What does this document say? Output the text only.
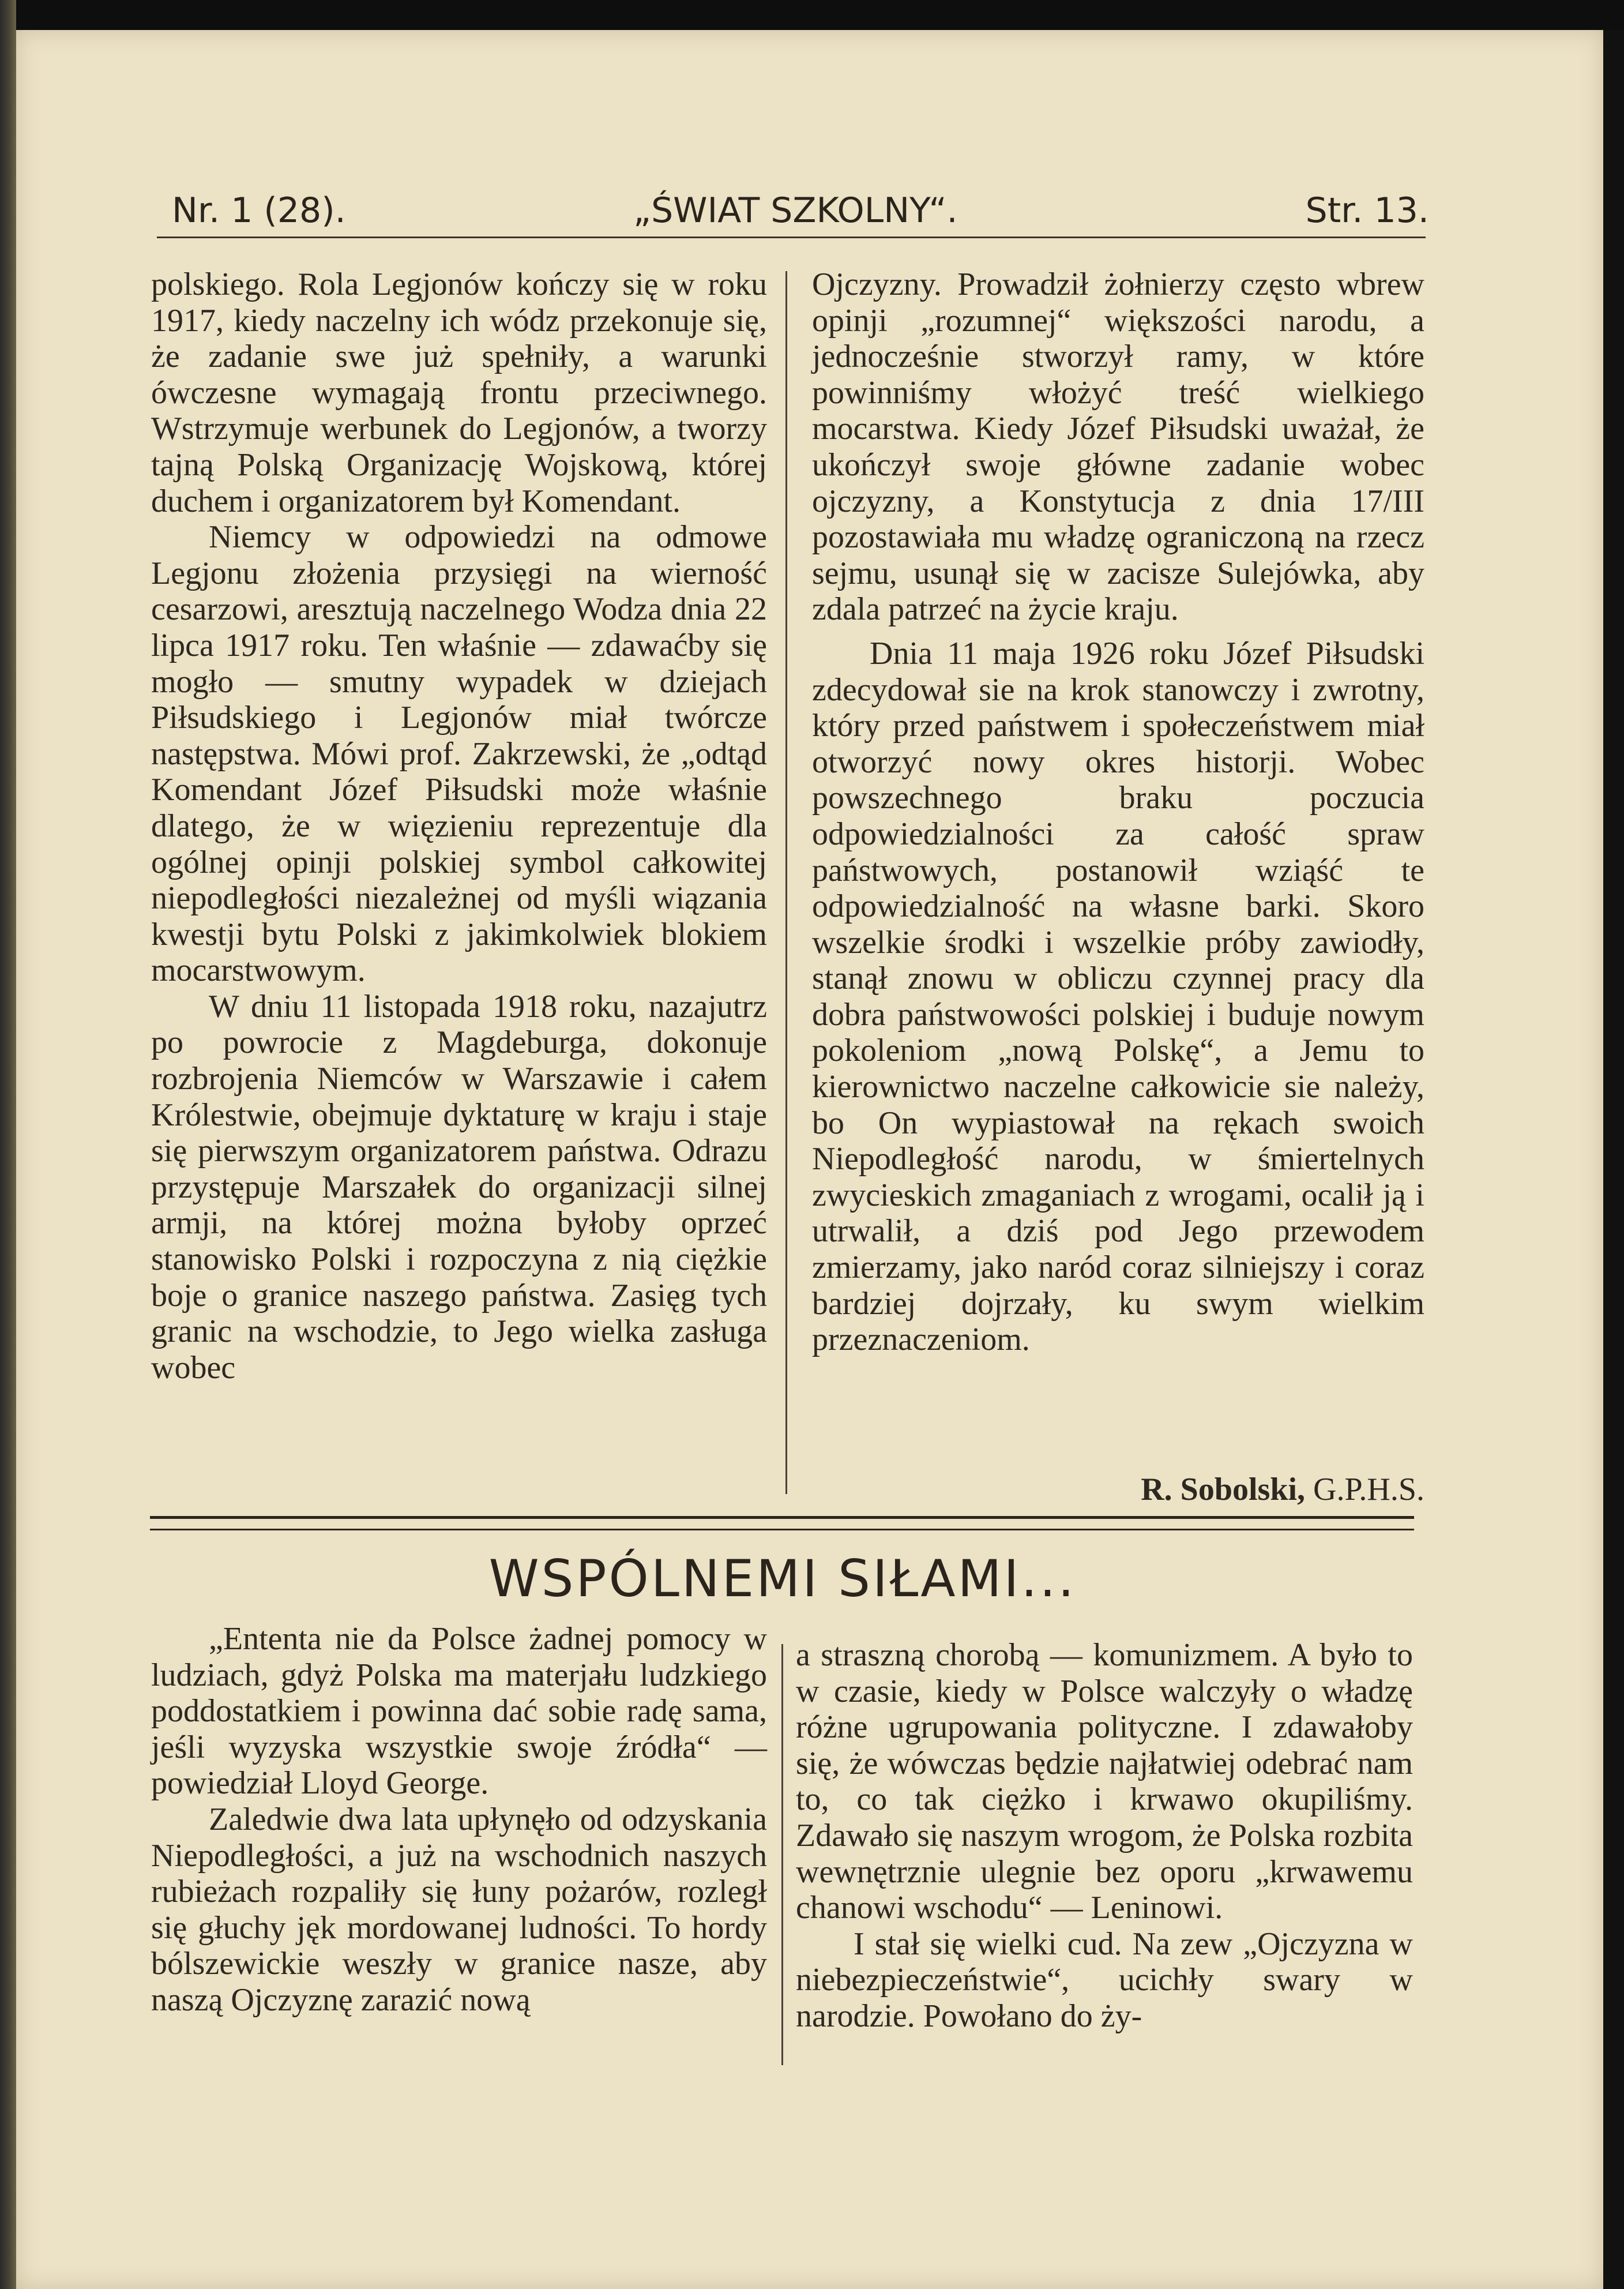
Nr. 1 (28).	„ŚWIAT SZKOLNY“.	Str. 13.

polskiego. Rola Legjonów kończy się w roku 1917, kiedy naczelny ich wódz przekonuje się, że zadanie swe już spełniły, a warunki ówczesne wymagają frontu przeciwnego. Wstrzymuje werbunek do Legjonów, a tworzy tajną Polską Organizację Wojskową, której duchem i organizatorem był Komendant.

Niemcy w odpowiedzi na odmowe Legjonu złożenia przysięgi na wierność cesarzowi, aresztują naczelnego Wodza dnia 22 lipca 1917 roku. Ten właśnie — zdawaćby się mogło — smutny wypadek w dziejach Piłsudskiego i Legjonów miał twórcze następstwa. Mówi prof. Zakrzewski, że „odtąd Komendant Józef Piłsudski może właśnie dlatego, że w więzieniu reprezentuje dla ogólnej opinji polskiej symbol całkowitej niepodległości niezależnej od myśli wiązania kwestji bytu Polski z jakimkolwiek blokiem mocarstwowym.

W dniu 11 listopada 1918 roku, nazajutrz po powrocie z Magdeburga, dokonuje rozbrojenia Niemców w Warszawie i całem Królestwie, obejmuje dyktaturę w kraju i staje się pierwszym organizatorem państwa. Odrazu przystępuje Marszałek do organizacji silnej armji, na której można byłoby oprzeć stanowisko Polski i rozpoczyna z nią ciężkie boje o granice naszego państwa. Zasięg tych granic na wschodzie, to Jego wielka zasługa wobec

Ojczyzny. Prowadził żołnierzy często wbrew opinji „rozumnej“ większości narodu, a jednocześnie stworzył ramy, w które powinniśmy włożyć treść wielkiego mocarstwa. Kiedy Józef Piłsudski uważał, że ukończył swoje główne zadanie wobec ojczyzny, a Konstytucja z dnia 17/III pozostawiała mu władzę ograniczoną na rzecz sejmu, usunął się w zacisze Sulejówka, aby zdala patrzeć na życie kraju.

Dnia 11 maja 1926 roku Józef Piłsudski zdecydował sie na krok stanowczy i zwrotny, który przed państwem i społeczeństwem miał otworzyć nowy okres historji. Wobec powszechnego braku poczucia odpowiedzialności za całość spraw państwowych, postanowił wziąść te odpowiedzialność na własne barki. Skoro wszelkie środki i wszelkie próby zawiodły, stanął znowu w obliczu czynnej pracy dla dobra państwowości polskiej i buduje nowym pokoleniom „nową Polskę“, a Jemu to kierownictwo naczelne całkowicie sie należy, bo On wypiastował na rękach swoich Niepodległość narodu, w śmiertelnych zwycieskich zmaganiach z wrogami, ocalił ją i utrwalił, a dziś pod Jego przewodem zmierzamy, jako naród coraz silniejszy i coraz bardziej dojrzały, ku swym wielkim przeznaczeniom.

R. Sobolski, G.P.H.S.
WSPÓLNEMI SIŁAMI...

„Ententa nie da Polsce żadnej pomocy w ludziach, gdyż Polska ma materjału ludzkiego poddostatkiem i powinna dać sobie radę sama, jeśli wyzyska wszystkie swoje źródła“ — powiedział Lloyd George.

Zaledwie dwa lata upłynęło od odzyskania Niepodległości, a już na wschodnich naszych rubieżach rozpaliły się łuny pożarów, rozległ się głuchy jęk mordowanej ludności. To hordy bólszewickie weszły w granice nasze, aby naszą Ojczyznę zarazić nową

a straszną chorobą — komunizmem. A było to w czasie, kiedy w Polsce walczyły o władzę różne ugrupowania polityczne. I zdawałoby się, że wówczas będzie najłatwiej odebrać nam to, co tak ciężko i krwawo okupiliśmy. Zdawało się naszym wrogom, że Polska rozbita wewnętrznie ulegnie bez oporu „krwawemu chanowi wschodu“ — Leninowi.

I stał się wielki cud. Na zew „Ojczyzna w niebezpieczeństwie“, ucichły swary w narodzie. Powołano do ży-
